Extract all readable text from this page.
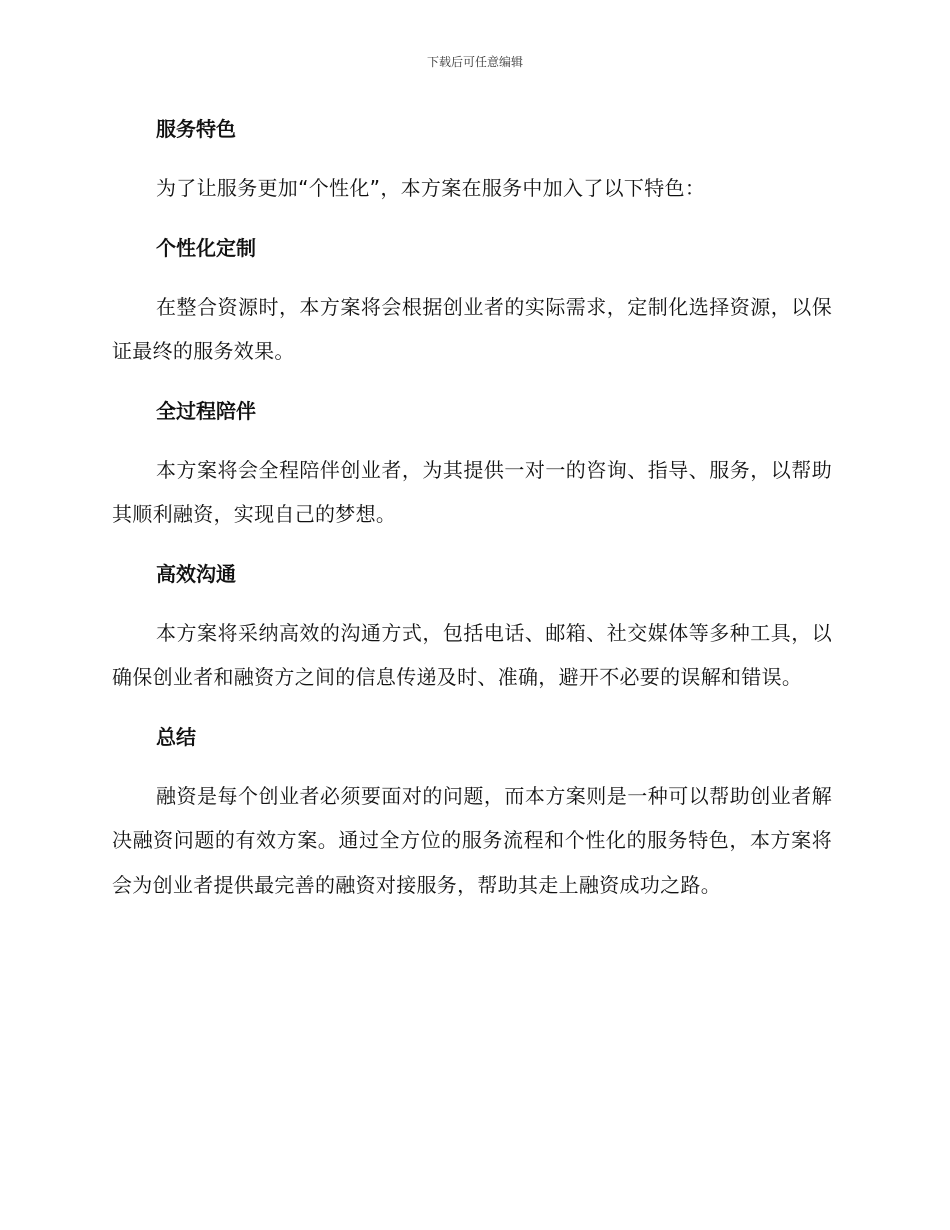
下载后可任意编辑
服务特色

为了让服务更加“个性化”，本方案在服务中加入了以下特色：

个性化定制

在整合资源时，本方案将会根据创业者的实际需求，定制化选择资源，以保证最终的服务效果。

全过程陪伴

本方案将会全程陪伴创业者，为其提供一对一的咨询、指导、服务，以帮助其顺利融资，实现自己的梦想。

高效沟通

本方案将采纳高效的沟通方式，包括电话、邮箱、社交媒体等多种工具，以确保创业者和融资方之间的信息传递及时、准确，避开不必要的误解和错误。

总结

融资是每个创业者必须要面对的问题，而本方案则是一种可以帮助创业者解决融资问题的有效方案。通过全方位的服务流程和个性化的服务特色，本方案将会为创业者提供最完善的融资对接服务，帮助其走上融资成功之路。
